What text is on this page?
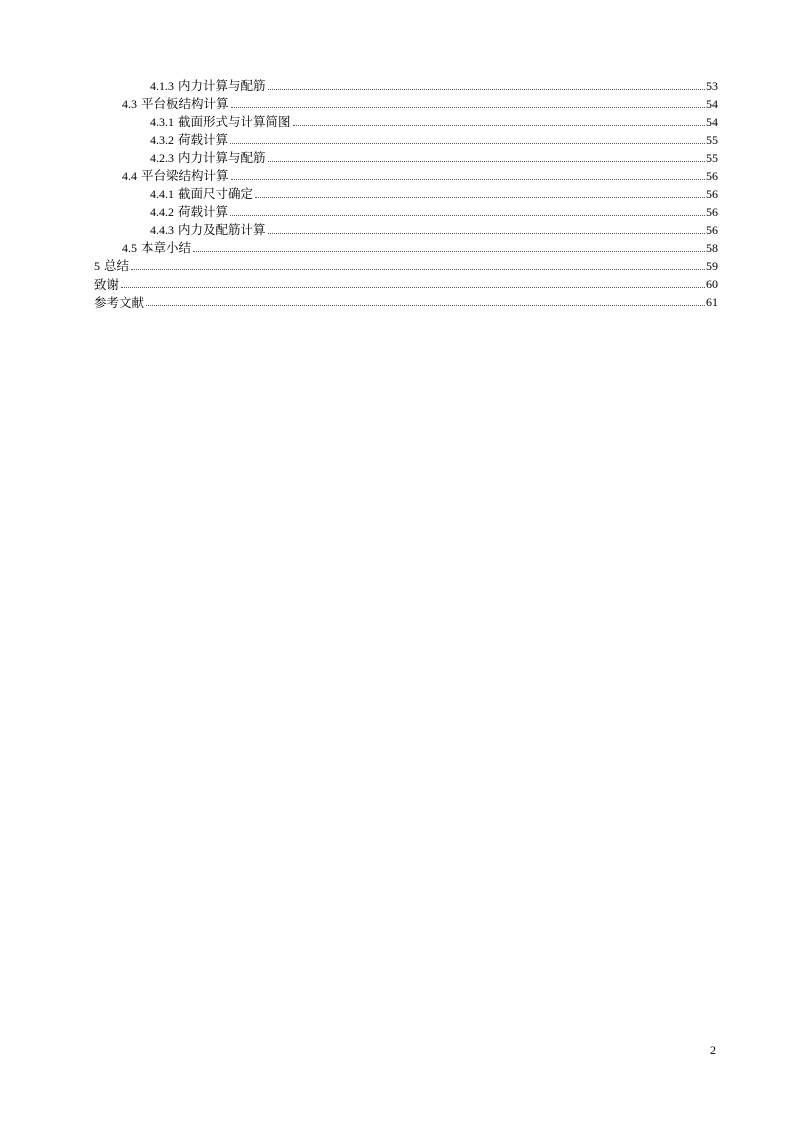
4.1.3 内力计算与配筋	53
4.3 平台板结构计算	54
4.3.1 截面形式与计算简图	54
4.3.2 荷载计算	55
4.2.3 内力计算与配筋	55
4.4 平台梁结构计算	56
4.4.1 截面尺寸确定	56
4.4.2 荷载计算	56
4.4.3 内力及配筋计算	56
4.5 本章小结	58
5 总结	59
致谢	60
参考文献	61
2
